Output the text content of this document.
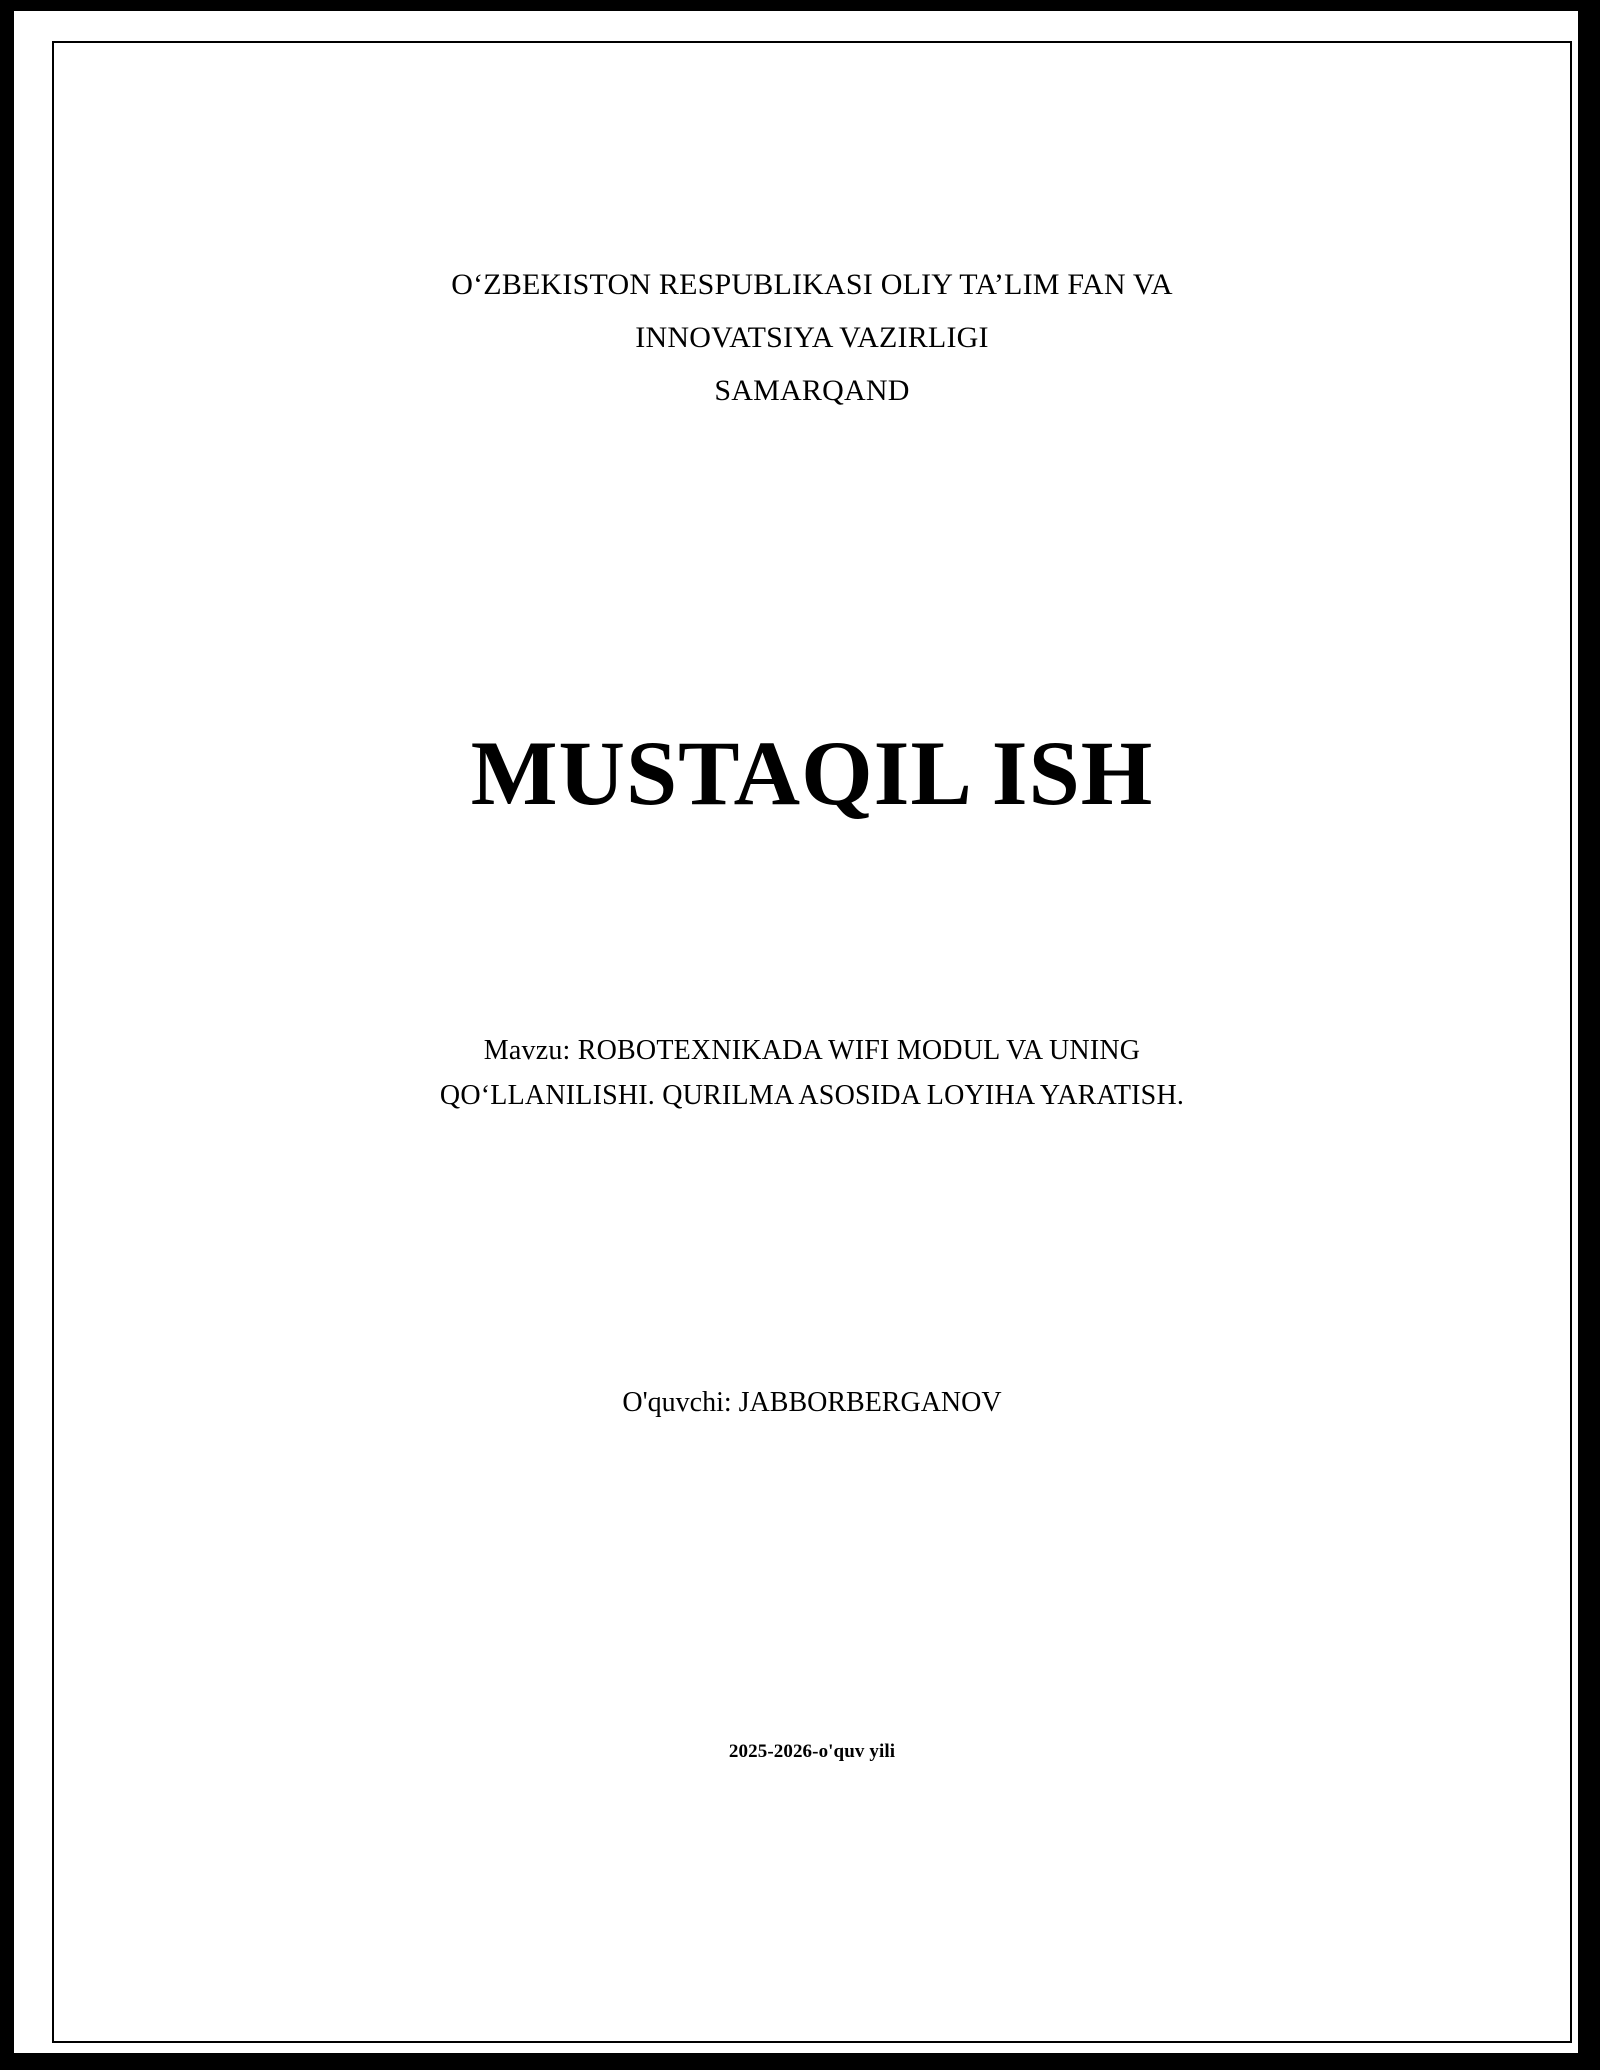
O‘ZBEKISTON RESPUBLIKASI OLIY TA’LIM FAN VA
INNOVATSIYA VAZIRLIGI
SAMARQAND
MUSTAQIL ISH
Mavzu: ROBOTEXNIKADA WIFI MODUL VA UNING
QO‘LLANILISHI. QURILMA ASOSIDA LOYIHA YARATISH.
O'quvchi: JABBORBERGANOV
2025-2026-o'quv yili
